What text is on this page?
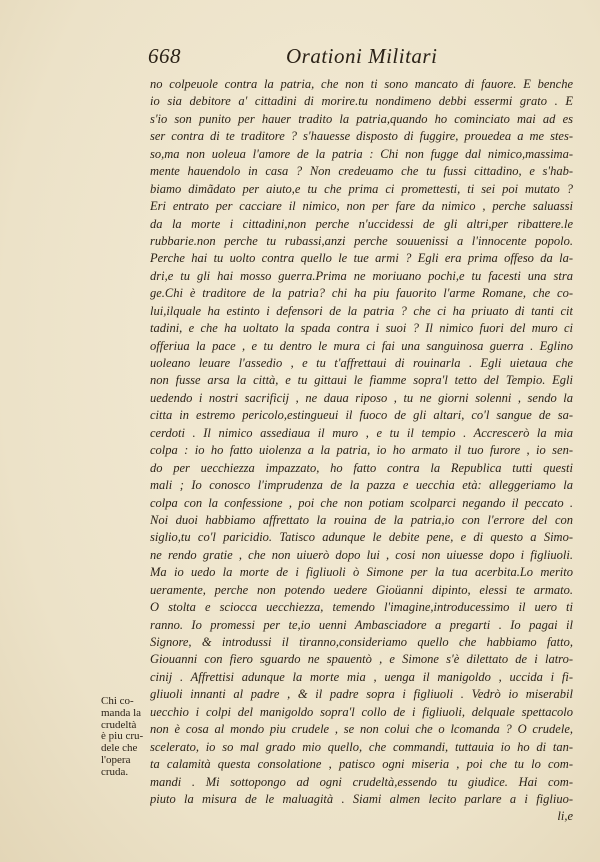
668	Orationi Militari
no colpeuole contra la patria, che non ti sono mancato di fauore. E benche
io sia debitore a' cittadini di morire.tu nondimeno debbi essermi grato . E
s'io son punito per hauer tradito la patria,quando ho cominciato mai ad es
ser contra di te traditore ? s'hauesse disposto di fuggire, prouedea a me stes-
so,ma non uoleua l'amore de la patria : Chi non fugge dal nimico,massima-
mente hauendolo in casa ? Non credeuamo che tu fussi cittadino, e s'hab-
biamo dimãdato per aiuto,e tu che prima ci promettesti, ti sei poi mutato ?
Eri entrato per cacciare il nimico, non per fare da nimico , perche saluassi
da la morte i cittadini,non perche n'uccidessi de gli altri,per ribattere.le
rubbarie.non perche tu rubassi,anzi perche souuenissi a l'innocente popolo.
Perche hai tu uolto contra quello le tue armi ? Egli era prima offeso da la-
dri,e tu gli hai mosso guerra.Prima ne moriuano pochi,e tu facesti una stra
ge.Chi è traditore de la patria? chi ha piu fauorito l'arme Romane, che co-
lui,ilquale ha estinto i defensori de la patria ? che ci ha priuato di tanti cit
tadini, e che ha uoltato la spada contra i suoi ? Il nimico fuori del muro ci
offeriua la pace , e tu dentro le mura ci fai una sanguinosa guerra . Eglino
uoleano leuare l'assedio , e tu t'affrettaui di rouinarla . Egli uietaua che
non fusse arsa la città, e tu gittaui le fiamme sopra'l tetto del Tempio. Egli
uedendo i nostri sacrificij , ne daua riposo , tu ne giorni solenni , sendo la
citta in estremo pericolo,estingueui il fuoco de gli altari, co'l sangue de sa-
cerdoti . Il nimico assediaua il muro , e tu il tempio . Accrescerò la mia
colpa : io ho fatto uiolenza a la patria, io ho armato il tuo furore , io sen-
do per uecchiezza impazzato, ho fatto contra la Republica tutti questi
mali ; Io conosco l'imprudenza de la pazza e uecchia età: alleggeriamo la
colpa con la confessione , poi che non potiam scolparci negando il peccato .
Noi duoi habbiamo affrettato la rouina de la patria,io con l'errore del con
siglio,tu co'l paricidio. Tatisco adunque le debite pene, e di questo a Simo-
ne rendo gratie , che non uiuerò dopo lui , cosi non uiuesse dopo i figliuoli.
Ma io uedo la morte de i figliuoli ò Simone per la tua acerbita.Lo merito
ueramente, perche non potendo uedere Gioüanni dipinto, elessi te armato.
O stolta e sciocca uecchiezza, temendo l'imagine,introducessimo il uero ti
ranno. Io promessi per te,io uenni Ambasciadore a pregarti . Io pagai il
Signore, & introdussi il tiranno,consideriamo quello che habbiamo fatto,
Giouanni con fiero sguardo ne spauentò , e Simone s'è dilettato de i latro-
cinij . Affrettisi adunque la morte mia , uenga il manigoldo , uccida i fi-
gliuoli innanti al padre , & il padre sopra i figliuoli . Vedrò io miserabil
uecchio i colpi del manigoldo sopra'l collo de i figliuoli, delquale spettacolo
non è cosa al mondo piu crudele , se non colui che o lcomanda ? O crudele,
scelerato, io so mal grado mio quello, che commandi, tuttauia io ho di tan-
ta calamità questa consolatione , patisco ogni miseria , poi che tu lo com-
mandi . Mi sottopongo ad ogni crudeltà,essendo tu giudice. Hai com-
piuto la misura de le maluagità . Siami almen lecito parlare a i figliuo-
li,e
Chi co-
manda la
crudeltà
è piu cru-
dele che
l'opera
cruda.
